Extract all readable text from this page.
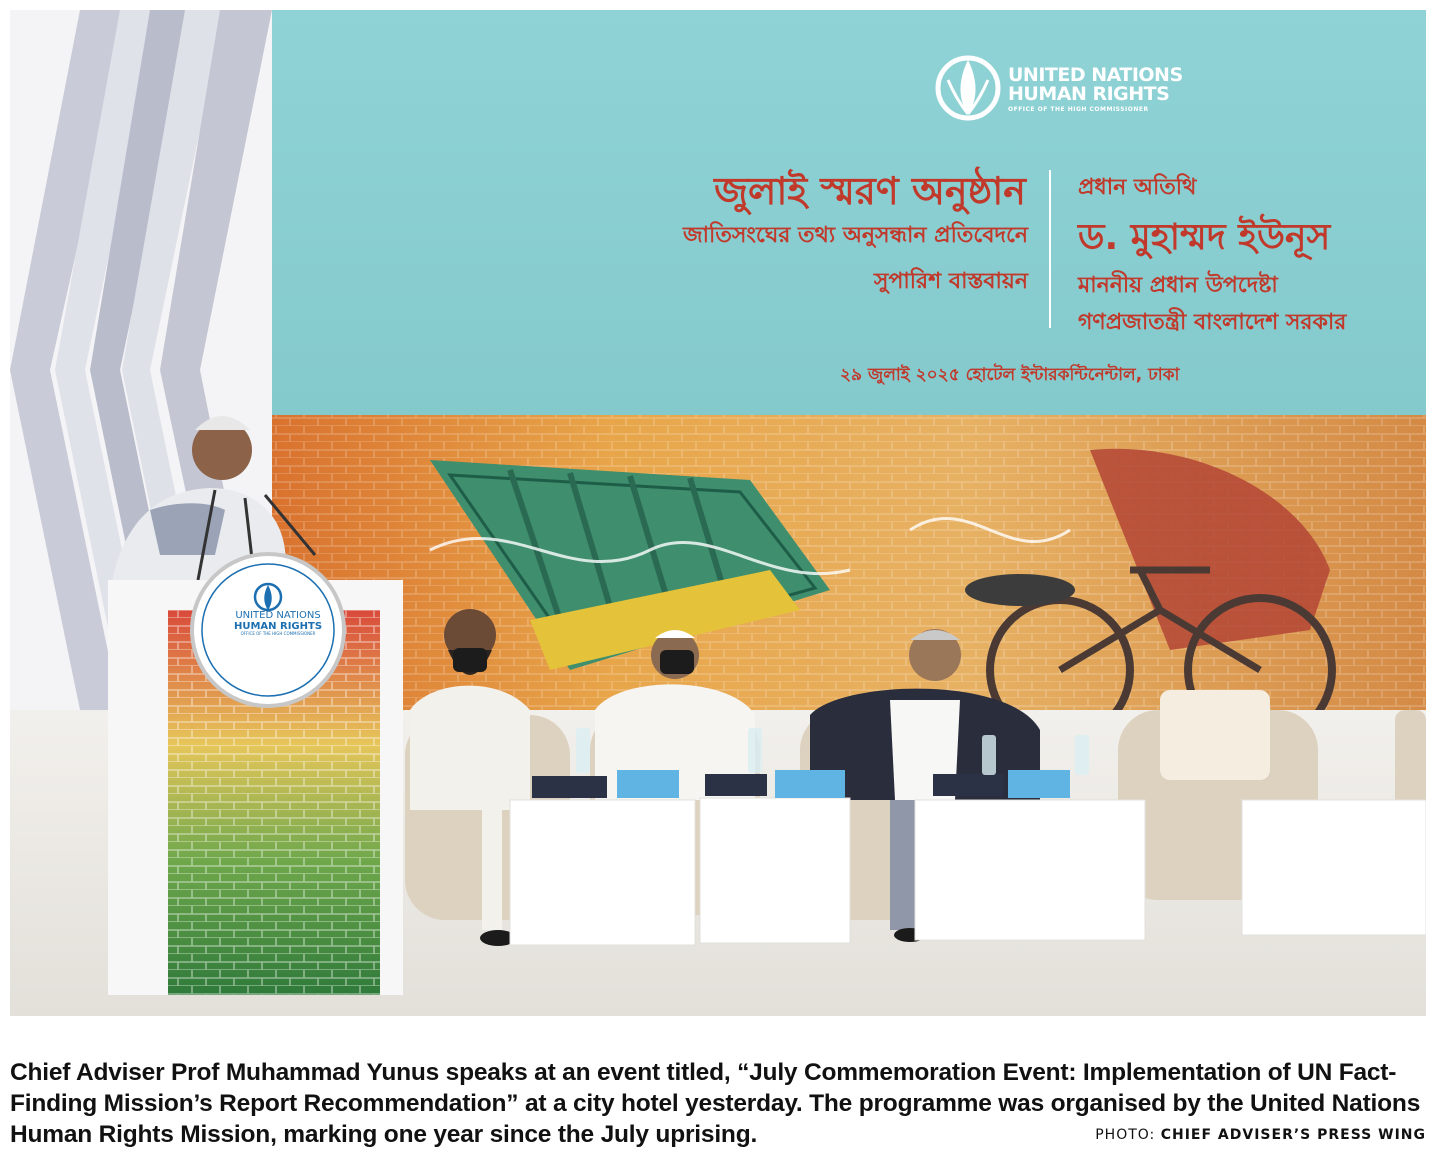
UNITED NATIONS
HUMAN RIGHTS
OFFICE OF THE HIGH COMMISSIONER
জুলাই স্মরণ অনুষ্ঠান
জাতিসংঘের তথ্য অনুসন্ধান প্রতিবেদনে
সুপারিশ বাস্তবায়ন
প্রধান অতিথি
ড. মুহাম্মদ ইউনূস
মাননীয় প্রধান উপদেষ্টা
গণপ্রজাতন্ত্রী বাংলাদেশ সরকার
২৯ জুলাই ২০২৫ হোটেল ইন্টারকন্টিনেন্টাল, ঢাকা
UNITED NATIONS
HUMAN RIGHTS
OFFICE OF THE HIGH COMMISSIONER
Chief Adviser Prof Muhammad Yunus speaks at an event titled, “July Commemoration Event: Implementation of UN Fact-Finding Mission’s Report Recommendation” at a city hotel yesterday. The programme was organised by the United Nations Human Rights Mission, marking one year since the July uprising.	PHOTO: CHIEF ADVISER’S PRESS WING
